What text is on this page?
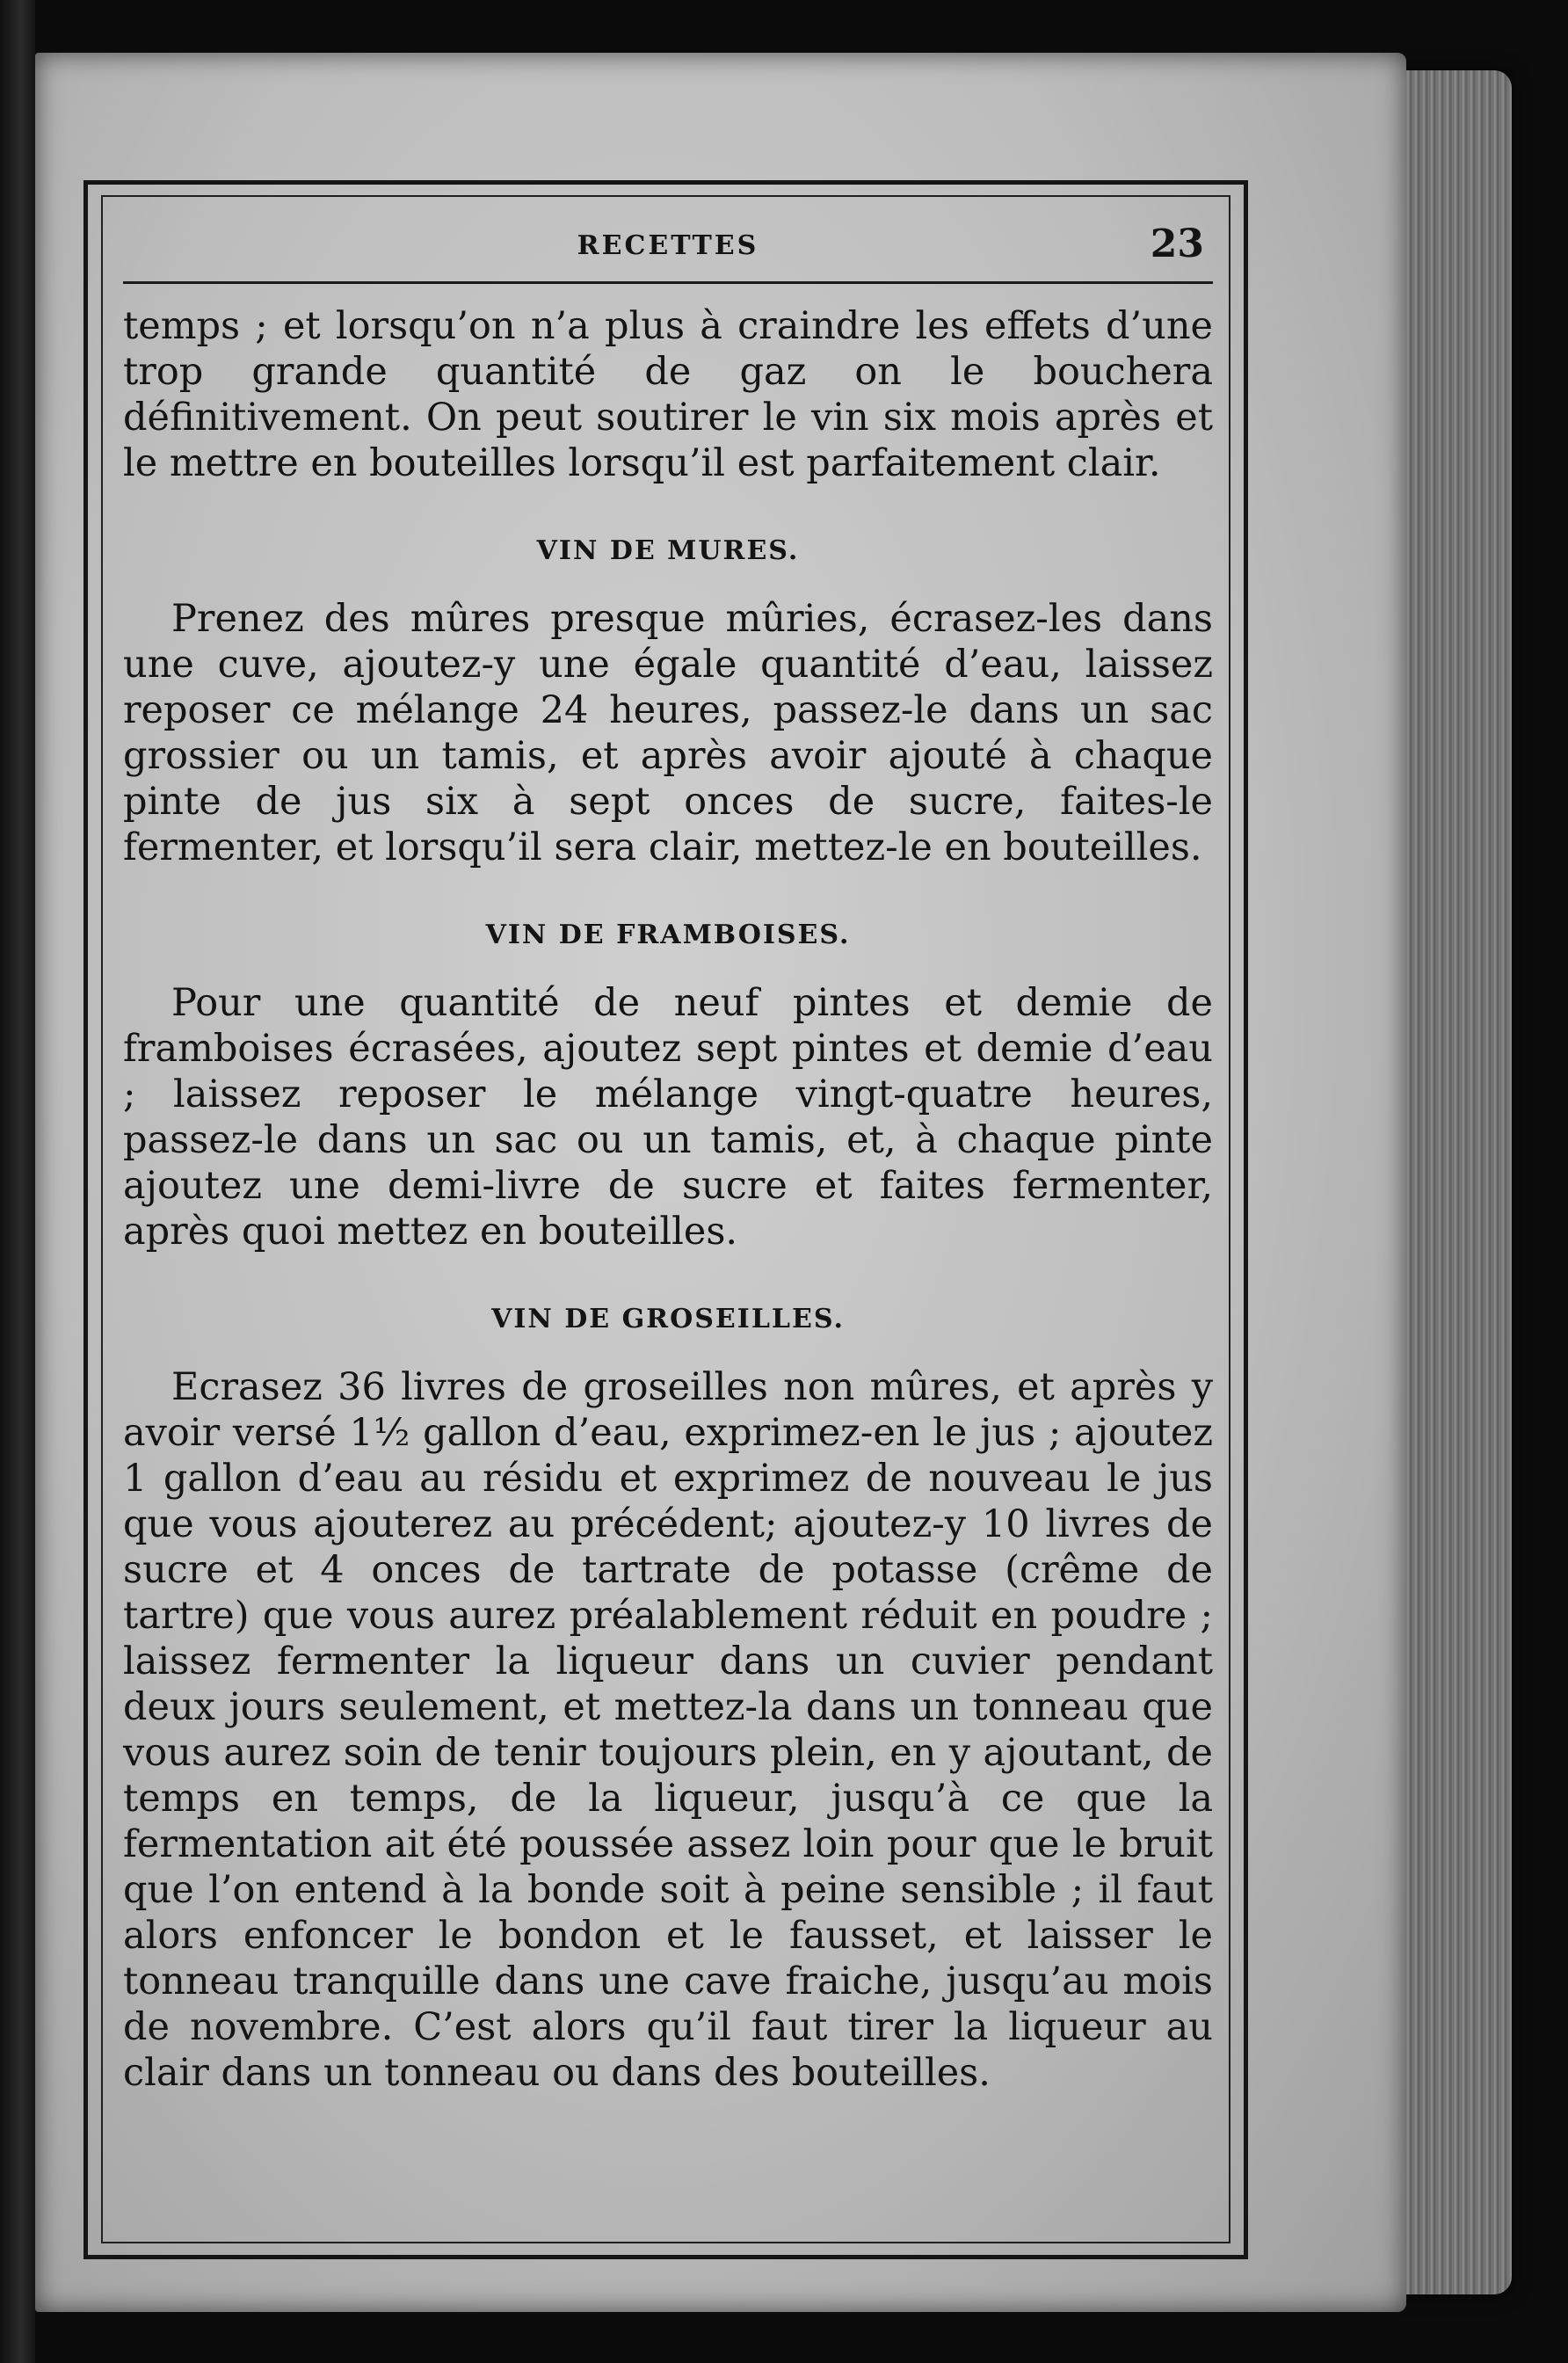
RECETTES	23

temps ; et lorsqu’on n’a plus à craindre les effets d’une trop grande quantité de gaz on le bouchera définitivement. On peut soutirer le vin six mois après et le mettre en bouteilles lorsqu’il est parfaitement clair.

VIN DE MURES.

Prenez des mûres presque mûries, écrasez-les dans une cuve, ajoutez-y une égale quantité d’eau, laissez reposer ce mélange 24 heures, passez-le dans un sac grossier ou un tamis, et après avoir ajouté à chaque pinte de jus six à sept onces de sucre, faites-le fermenter, et lorsqu’il sera clair, mettez-le en bouteilles.

VIN DE FRAMBOISES.

Pour une quantité de neuf pintes et demie de framboises écrasées, ajoutez sept pintes et demie d’eau ; laissez reposer le mélange vingt-quatre heures, passez-le dans un sac ou un tamis, et, à chaque pinte ajoutez une demi-livre de sucre et faites fermenter, après quoi mettez en bouteilles.

VIN DE GROSEILLES.

Ecrasez 36 livres de groseilles non mûres, et après y avoir versé 1½ gallon d’eau, exprimez-en le jus ; ajoutez 1 gallon d’eau au résidu et exprimez de nouveau le jus que vous ajouterez au précédent; ajoutez-y 10 livres de sucre et 4 onces de tartrate de potasse (crême de tartre) que vous aurez préalablement réduit en poudre ; laissez fermenter la liqueur dans un cuvier pendant deux jours seulement, et mettez-la dans un tonneau que vous aurez soin de tenir toujours plein, en y ajoutant, de temps en temps, de la liqueur, jusqu’à ce que la fermentation ait été poussée assez loin pour que le bruit que l’on entend à la bonde soit à peine sensible ; il faut alors enfoncer le bondon et le fausset, et laisser le tonneau tranquille dans une cave fraiche, jusqu’au mois de novembre. C’est alors qu’il faut tirer la liqueur au clair dans un tonneau ou dans des bouteilles.
